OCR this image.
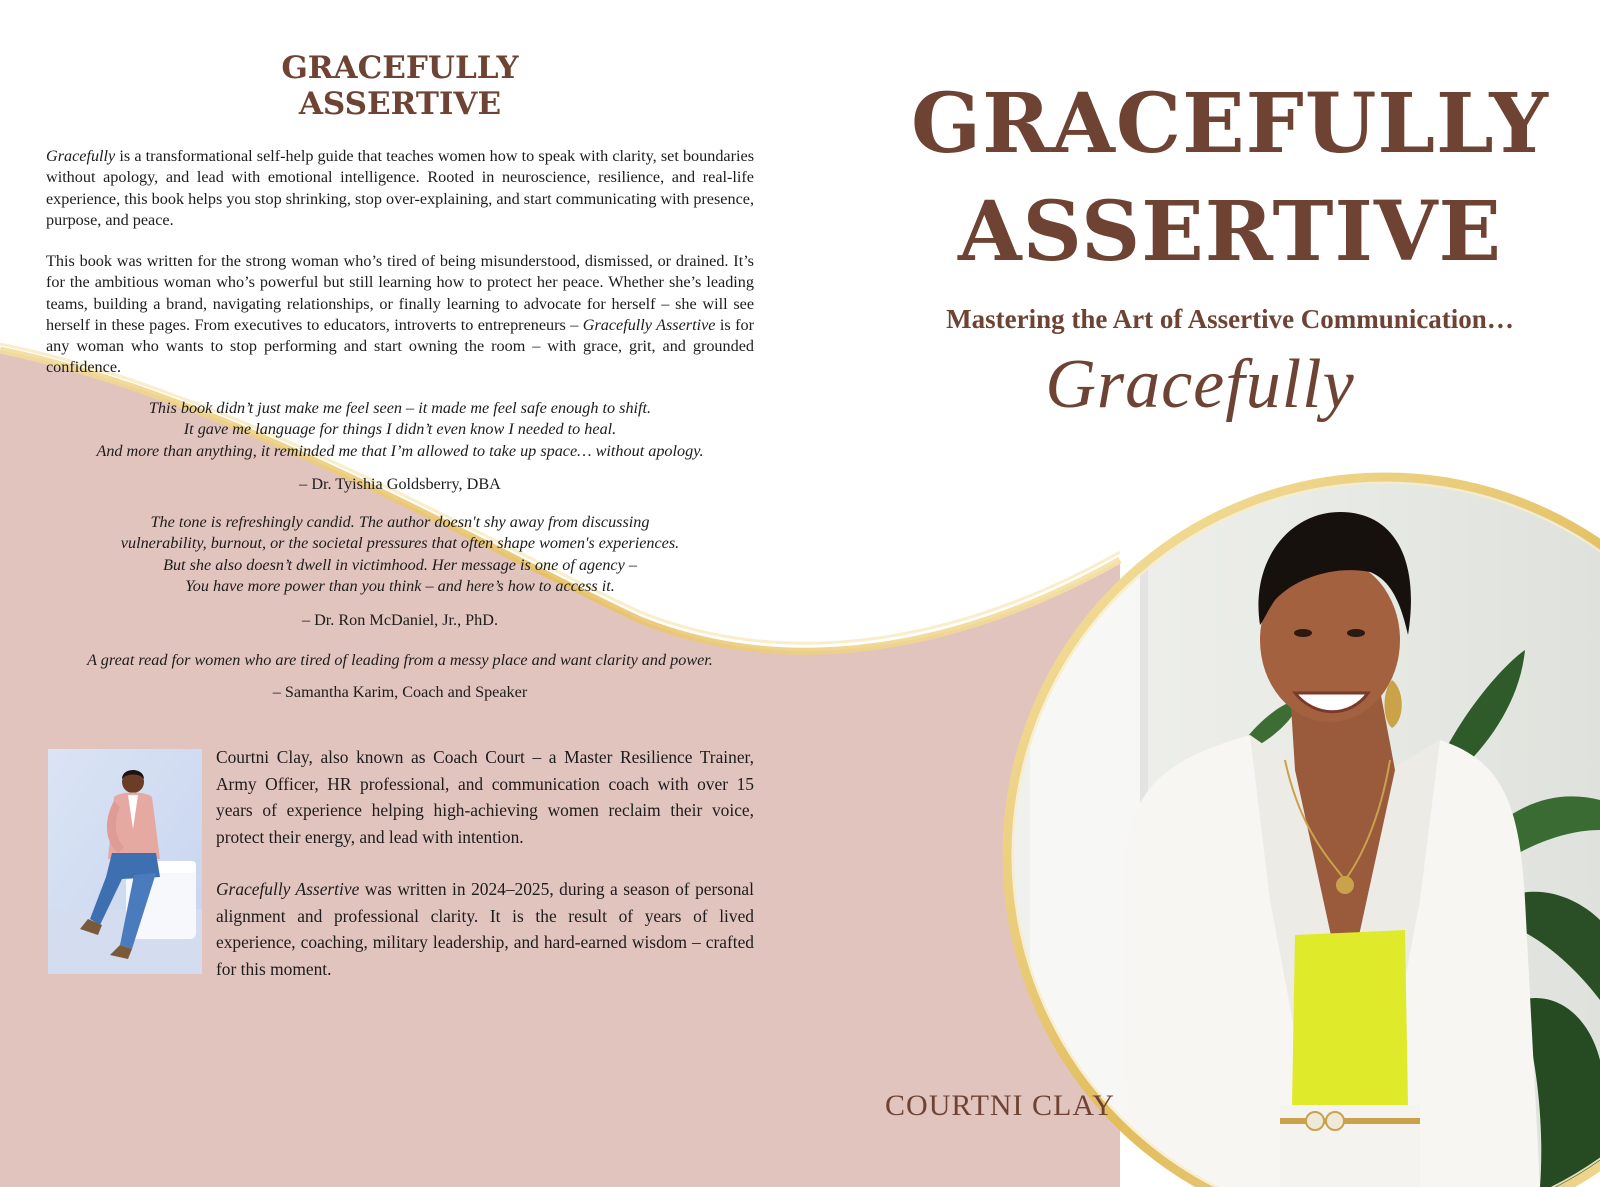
GRACEFULLY
ASSERTIVE

Gracefully is a transformational self-help guide that teaches women how to speak with clarity, set boundaries without apology, and lead with emotional intelligence. Rooted in neuroscience, resilience, and real-life experience, this book helps you stop shrinking, stop over-explaining, and start communicating with presence, purpose, and peace.

This book was written for the strong woman who’s tired of being misunderstood, dismissed, or drained. It’s for the ambitious woman who’s powerful but still learning how to protect her peace. Whether she’s leading teams, building a brand, navigating relationships, or finally learning to advocate for herself – she will see herself in these pages. From executives to educators, introverts to entrepreneurs – Gracefully Assertive is for any woman who wants to stop performing and start owning the room – with grace, grit, and grounded confidence.

This book didn’t just make me feel seen – it made me feel safe enough to shift.
It gave me language for things I didn’t even know I needed to heal.
And more than anything, it reminded me that I’m allowed to take up space… without apology.
– Dr. Tyishia Goldsberry, DBA
The tone is refreshingly candid. The author doesn't shy away from discussing
vulnerability, burnout, or the societal pressures that often shape women's experiences.
But she also doesn’t dwell in victimhood. Her message is one of agency –
You have more power than you think – and here’s how to access it.
– Dr. Ron McDaniel, Jr., PhD.
A great read for women who are tired of leading from a messy place and want clarity and power.
– Samantha Karim, Coach and Speaker

Courtni Clay, also known as Coach Court – a Master Resilience Trainer, Army Officer, HR professional, and communication coach with over 15 years of experience helping high-achieving women reclaim their voice, protect their energy, and lead with intention.

Gracefully Assertive was written in 2024–2025, during a season of personal alignment and professional clarity. It is the result of years of lived experience, coaching, military leadership, and hard-earned wisdom – crafted for this moment.

GRACEFULLY
ASSERTIVE
Mastering the Art of Assertive Communication…
Gracefully
COURTNI CLAY
